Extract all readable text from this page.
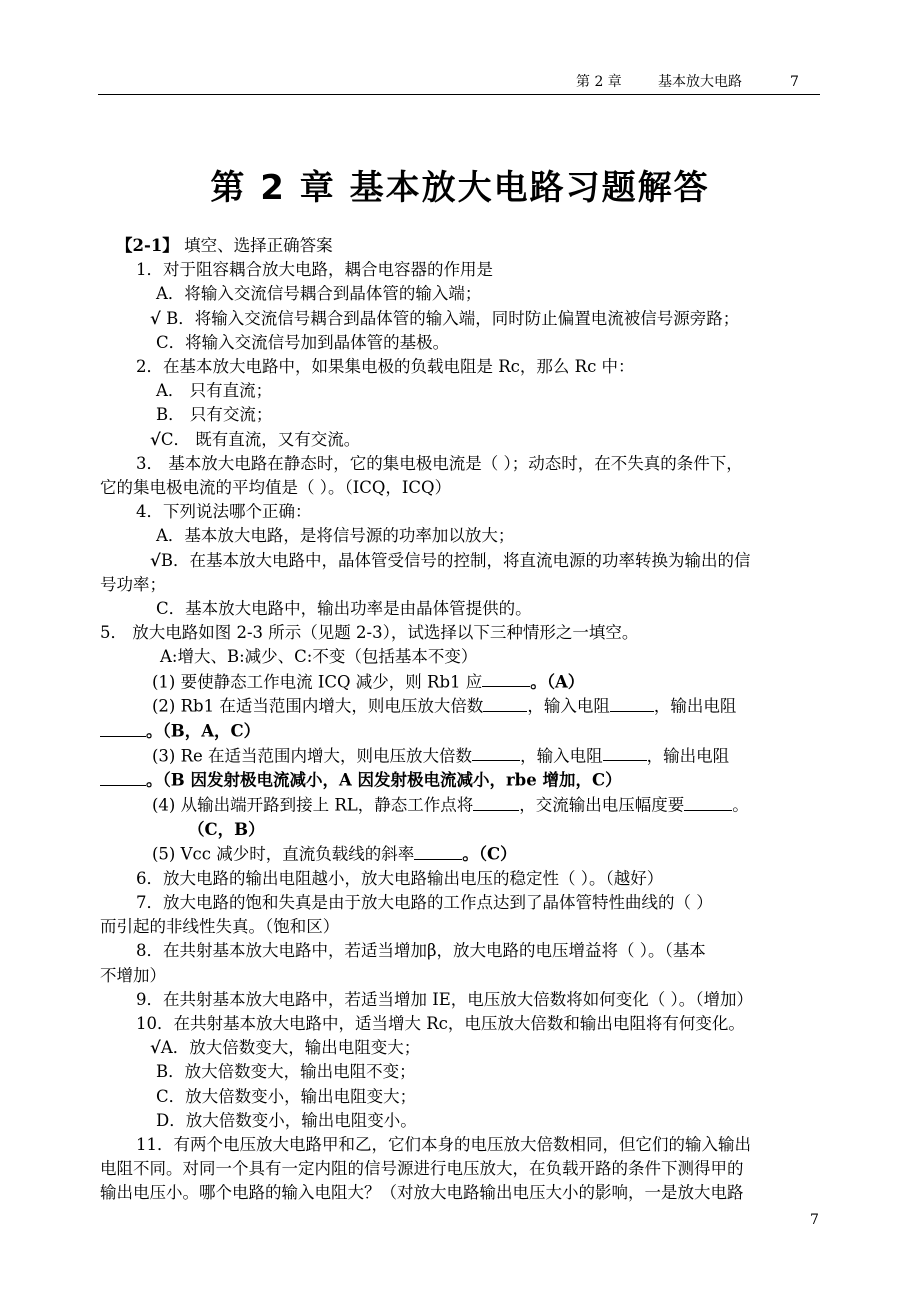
第 2 章	基本放大电路	7
第 2 章 基本放大电路习题解答
【2-1】 填空、选择正确答案
1．对于阻容耦合放大电路，耦合电容器的作用是
A．将输入交流信号耦合到晶体管的输入端；
√ B．将输入交流信号耦合到晶体管的输入端，同时防止偏置电流被信号源旁路；
C．将输入交流信号加到晶体管的基极。
2．在基本放大电路中，如果集电极的负载电阻是 Rc，那么 Rc 中：
A． 只有直流；
B． 只有交流；
√C． 既有直流，又有交流。
3． 基本放大电路在静态时，它的集电极电流是（ ）；动态时，在不失真的条件下，
它的集电极电流的平均值是（ ）。（ICQ，ICQ）
4．下列说法哪个正确：
A．基本放大电路，是将信号源的功率加以放大；
√B．在基本放大电路中，晶体管受信号的控制，将直流电源的功率转换为输出的信
号功率；
C．基本放大电路中，输出功率是由晶体管提供的。
5． 放大电路如图 2-3 所示（见题 2-3），试选择以下三种情形之一填空。
A:增大、B:减少、C:不变（包括基本不变）
(1) 要使静态工作电流 ICQ 减少，则 Rb1 应	。（A）
(2) Rb1 在适当范围内增大，则电压放大倍数	，输入电阻	，输出电阻
。（B，A，C）
(3) Re 在适当范围内增大，则电压放大倍数	，输入电阻	，输出电阻
。（B 因发射极电流减小，A 因发射极电流减小，rbe 增加，C）
(4) 从输出端开路到接上 RL，静态工作点将	，交流输出电压幅度要	。
（C，B）
(5) Vcc 减少时，直流负载线的斜率	。（C）
6．放大电路的输出电阻越小，放大电路输出电压的稳定性（ ）。（越好）
7．放大电路的饱和失真是由于放大电路的工作点达到了晶体管特性曲线的（ ）
而引起的非线性失真。（饱和区）
8．在共射基本放大电路中，若适当增加β，放大电路的电压增益将（ ）。（基本
不增加）
9．在共射基本放大电路中，若适当增加 IE，电压放大倍数将如何变化（ ）。（增加）
10．在共射基本放大电路中，适当增大 Rc，电压放大倍数和输出电阻将有何变化。
√A．放大倍数变大，输出电阻变大；
B．放大倍数变大，输出电阻不变；
C．放大倍数变小，输出电阻变大；
D．放大倍数变小，输出电阻变小。
11．有两个电压放大电路甲和乙，它们本身的电压放大倍数相同，但它们的输入输出
电阻不同。对同一个具有一定内阻的信号源进行电压放大，在负载开路的条件下测得甲的
输出电压小。哪个电路的输入电阻大？（对放大电路输出电压大小的影响，一是放大电路
7
